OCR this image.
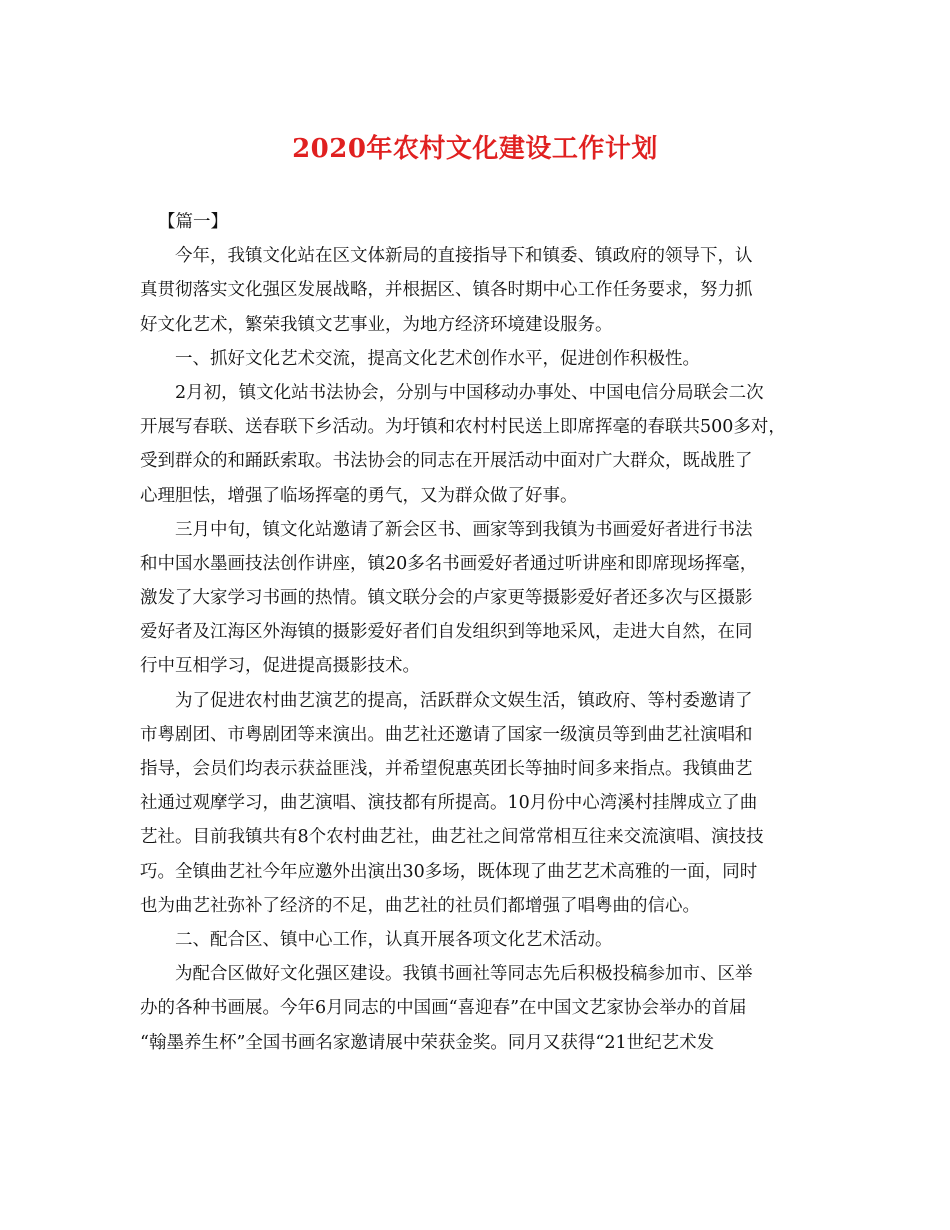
2020年农村文化建设工作计划
【篇一】
今年，我镇文化站在区文体新局的直接指导下和镇委、镇政府的领导下，认
真贯彻落实文化强区发展战略，并根据区、镇各时期中心工作任务要求，努力抓
好文化艺术，繁荣我镇文艺事业，为地方经济环境建设服务。
一、抓好文化艺术交流，提高文化艺术创作水平，促进创作积极性。
2月初，镇文化站书法协会，分别与中国移动办事处、中国电信分局联会二次
开展写春联、送春联下乡活动。为圩镇和农村村民送上即席挥毫的春联共500多对，
受到群众的和踊跃索取。书法协会的同志在开展活动中面对广大群众，既战胜了
心理胆怯，增强了临场挥毫的勇气，又为群众做了好事。
三月中旬，镇文化站邀请了新会区书、画家等到我镇为书画爱好者进行书法
和中国水墨画技法创作讲座，镇20多名书画爱好者通过听讲座和即席现场挥毫，
激发了大家学习书画的热情。镇文联分会的卢家更等摄影爱好者还多次与区摄影
爱好者及江海区外海镇的摄影爱好者们自发组织到等地采风，走进大自然，在同
行中互相学习，促进提高摄影技术。
为了促进农村曲艺演艺的提高，活跃群众文娱生活，镇政府、等村委邀请了
市粤剧团、市粤剧团等来演出。曲艺社还邀请了国家一级演员等到曲艺社演唱和
指导，会员们均表示获益匪浅，并希望倪惠英团长等抽时间多来指点。我镇曲艺
社通过观摩学习，曲艺演唱、演技都有所提高。10月份中心湾溪村挂牌成立了曲
艺社。目前我镇共有8个农村曲艺社，曲艺社之间常常相互往来交流演唱、演技技
巧。全镇曲艺社今年应邀外出演出30多场，既体现了曲艺艺术高雅的一面，同时
也为曲艺社弥补了经济的不足，曲艺社的社员们都增强了唱粤曲的信心。
二、配合区、镇中心工作，认真开展各项文化艺术活动。
为配合区做好文化强区建设。我镇书画社等同志先后积极投稿参加市、区举
办的各种书画展。今年6月同志的中国画“喜迎春”在中国文艺家协会举办的首届
“翰墨养生杯”全国书画名家邀请展中荣获金奖。同月又获得“21世纪艺术发
